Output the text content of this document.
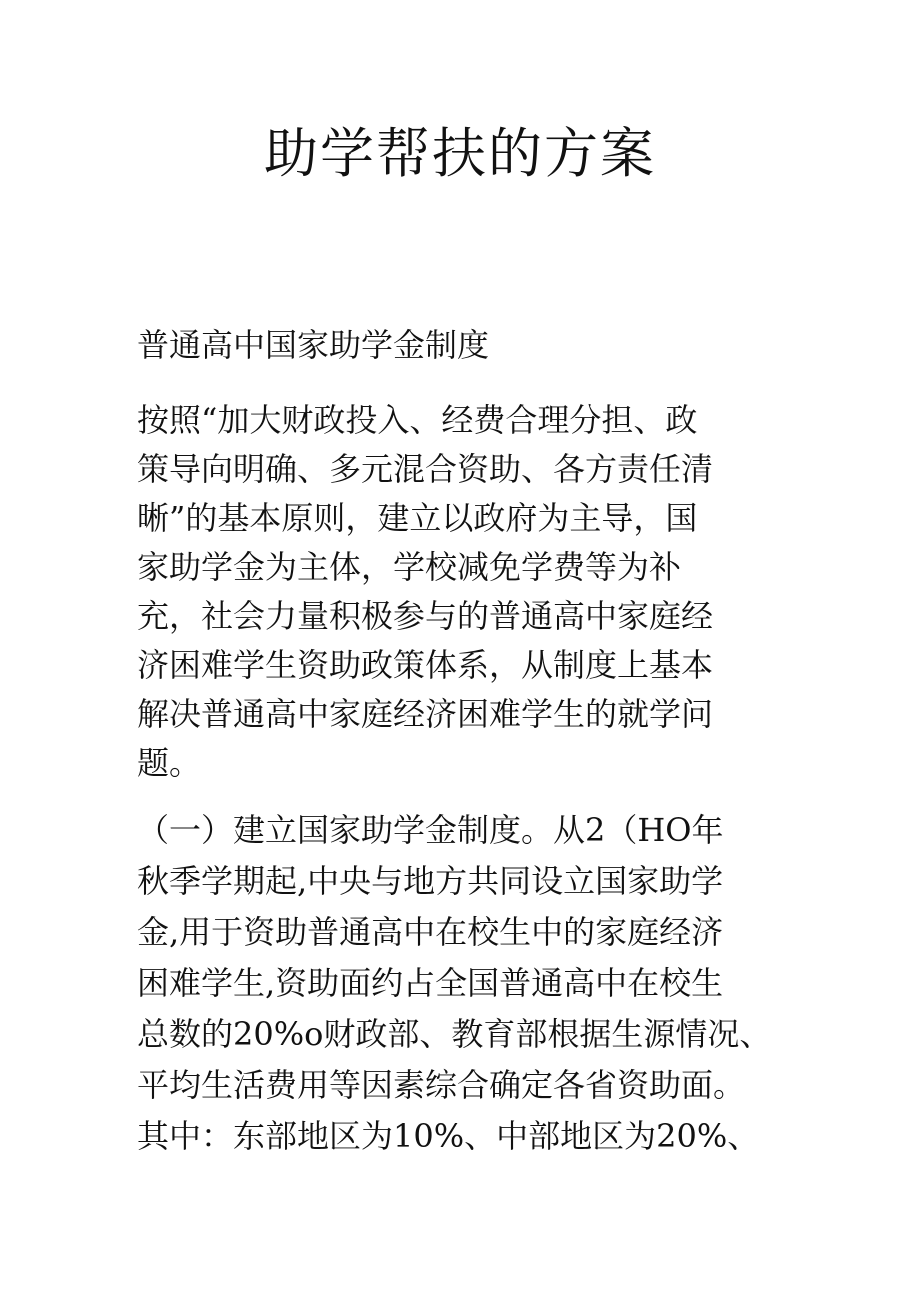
助学帮扶的方案
普通高中国家助学金制度

按照“加大财政投入、经费合理分担、政
策导向明确、多元混合资助、各方责任清
晰”的基本原则，建立以政府为主导，国
家助学金为主体，学校减免学费等为补
充，社会力量积极参与的普通高中家庭经
济困难学生资助政策体系，从制度上基本
解决普通高中家庭经济困难学生的就学问
题。

（一）建立国家助学金制度。从2（HO年
秋季学期起,中央与地方共同设立国家助学
金,用于资助普通高中在校生中的家庭经济
困难学生,资助面约占全国普通高中在校生
总数的20%o财政部、教育部根据生源情况、
平均生活费用等因素综合确定各省资助面。
其中：东部地区为10%、中部地区为20%、
